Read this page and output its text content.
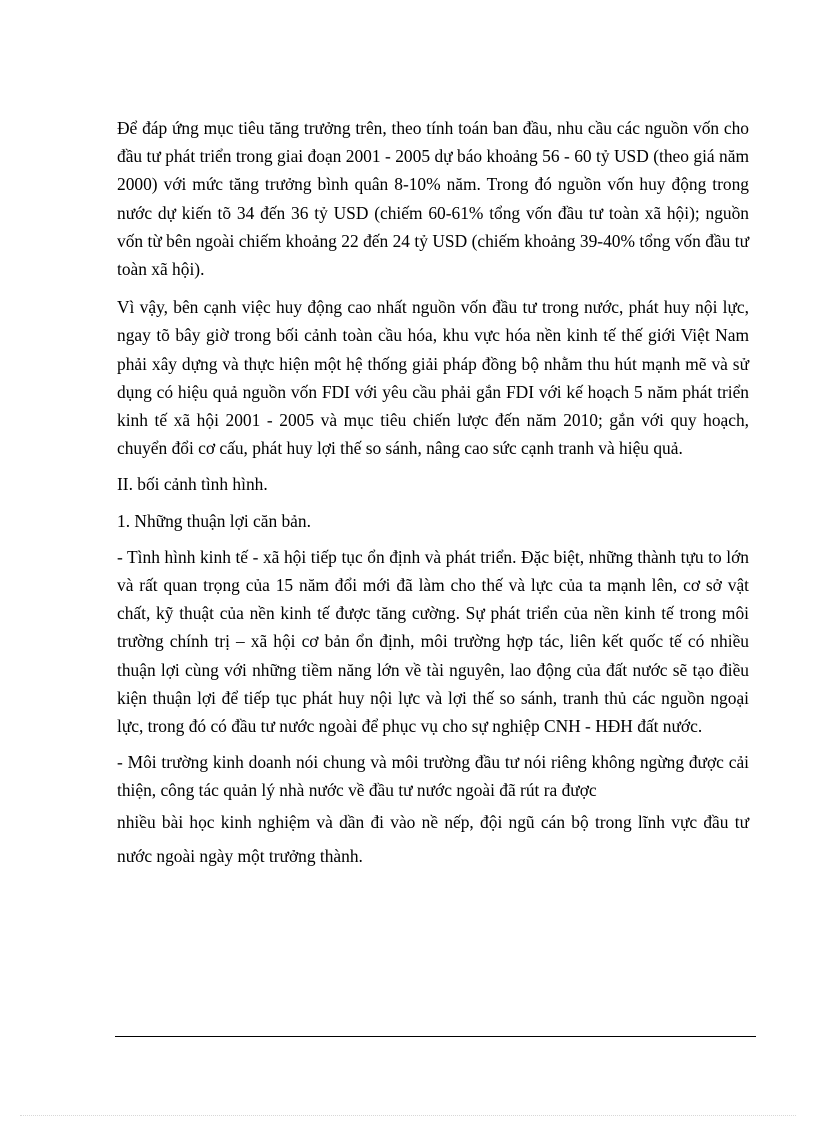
Để đáp ứng mục tiêu tăng trưởng trên, theo tính toán ban đầu, nhu cầu các nguồn vốn cho đầu tư phát triển trong giai đoạn 2001 - 2005 dự báo khoảng 56 - 60 tỷ USD (theo giá năm 2000) với mức tăng trưởng bình quân 8-10% năm. Trong đó nguồn vốn huy động trong nước dự kiến tõ 34 đến 36 tỷ USD (chiếm 60-61% tổng vốn đầu tư toàn xã hội); nguồn vốn từ bên ngoài chiếm khoảng 22 đến 24 tỷ USD (chiếm khoảng 39-40% tổng vốn đầu tư toàn xã hội).

Vì vậy, bên cạnh việc huy động cao nhất nguồn vốn đầu tư trong nước, phát huy nội lực, ngay tõ bây giờ trong bối cảnh toàn cầu hóa, khu vực hóa nền kinh tế thế giới Việt Nam phải xây dựng và thực hiện một hệ thống giải pháp đồng bộ nhằm thu hút mạnh mẽ và sử dụng có hiệu quả nguồn vốn FDI với yêu cầu phải gắn FDI với kế hoạch 5 năm phát triển kinh tế xã hội 2001 - 2005 và mục tiêu chiến lược đến năm 2010; gắn với quy hoạch, chuyển đổi cơ cấu, phát huy lợi thế so sánh, nâng cao sức cạnh tranh và hiệu quả.

II. bối cảnh tình hình.

1. Những thuận lợi căn bản.

- Tình hình kinh tế - xã hội tiếp tục ổn định và phát triển. Đặc biệt, những thành tựu to lớn và rất quan trọng của 15 năm đổi mới đã làm cho thế và lực của ta mạnh lên, cơ sở vật chất, kỹ thuật của nền kinh tế được tăng cường. Sự phát triển của nền kinh tế trong môi trường chính trị – xã hội cơ bản ổn định, môi trường hợp tác, liên kết quốc tế có nhiều thuận lợi cùng với những tiềm năng lớn về tài nguyên, lao động của đất nước sẽ tạo điều kiện thuận lợi để tiếp tục phát huy nội lực và lợi thế so sánh, tranh thủ các nguồn ngoại lực, trong đó có đầu tư nước ngoài để phục vụ cho sự nghiệp CNH - HĐH đất nước.

- Môi trường kinh doanh nói chung và môi trường đầu tư nói riêng không ngừng được cải thiện, công tác quản lý nhà nước về đầu tư nước ngoài đã rút ra được
nhiều bài học kinh nghiệm và dần đi vào nề nếp, đội ngũ cán bộ trong lĩnh vực đầu tư nước ngoài ngày một trưởng thành.
